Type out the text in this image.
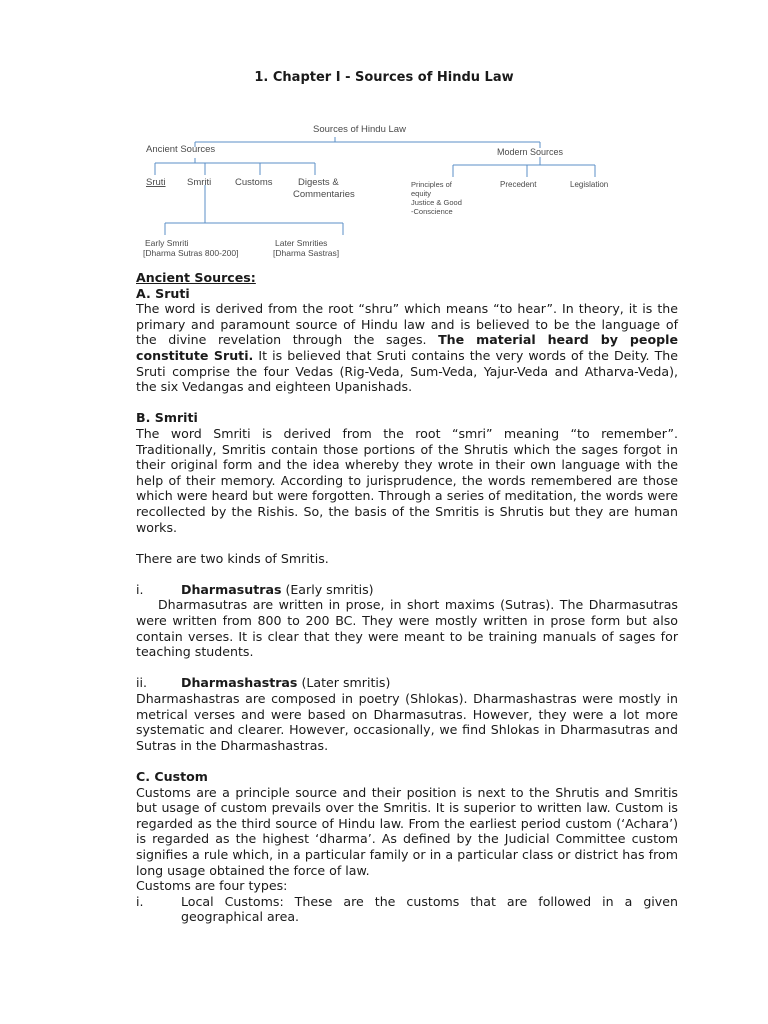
1. Chapter I - Sources of Hindu Law
Sources of Hindu Law
Ancient Sources	Modern Sources
Sruti Smriti Customs	Digests &
Commentaries
Principles of
equity
Justice & Good
-Conscience
Precedent	Legislation
Early Smriti
[Dharma Sutras 800-200]
Later Smrities
[Dharma Sastras]

Ancient Sources:

A. Sruti

The word is derived from the root “shru” which means “to hear”. In theory, it is the primary and paramount source of Hindu law and is believed to be the language of the divine revelation through the sages. The material heard by people constitute Sruti. It is believed that Sruti contains the very words of the Deity. The Sruti comprise the four Vedas (Rig-Veda, Sum-Veda, Yajur-Veda and Atharva-Veda), the six Vedangas and eighteen Upanishads.

B. Smriti

The word Smriti is derived from the root “smri” meaning “to remember”. Traditionally, Smritis contain those portions of the Shrutis which the sages forgot in their original form and the idea whereby they wrote in their own language with the help of their memory. According to jurisprudence, the words remembered are those which were heard but were forgotten. Through a series of meditation, the words were recollected by the Rishis. So, the basis of the Smritis is Shrutis but they are human works.

There are two kinds of Smritis.

i.	Dharmasutras (Early smritis)

Dharmasutras are written in prose, in short maxims (Sutras). The Dharmasutras were written from 800 to 200 BC. They were mostly written in prose form but also contain verses. It is clear that they were meant to be training manuals of sages for teaching students.

ii.	Dharmashastras (Later smritis)

Dharmashastras are composed in poetry (Shlokas). Dharmashastras were mostly in metrical verses and were based on Dharmasutras. However, they were a lot more systematic and clearer. However, occasionally, we find Shlokas in Dharmasutras and Sutras in the Dharmashastras.

C. Custom

Customs are a principle source and their position is next to the Shrutis and Smritis but usage of custom prevails over the Smritis. It is superior to written law. Custom is regarded as the third source of Hindu law. From the earliest period custom (‘Achara’) is regarded as the highest ‘dharma’. As defined by the Judicial Committee custom signifies a rule which, in a particular family or in a particular class or district has from long usage obtained the force of law.

Customs are four types:

i.	Local Customs: These are the customs that are followed in a given geographical area.
